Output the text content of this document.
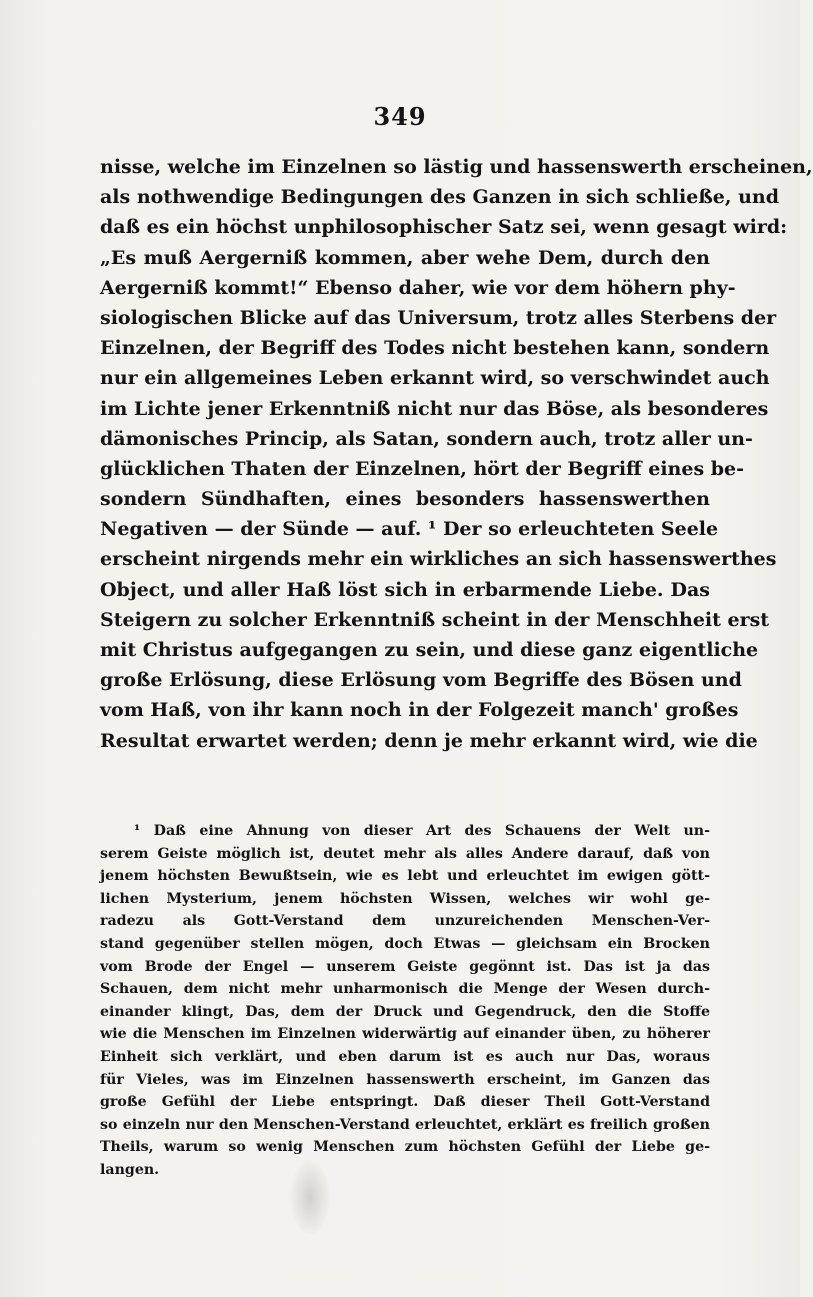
349
nisse, welche im Einzelnen so lästig und hassenswerth erscheinen,
als nothwendige Bedingungen des Ganzen in sich schließe, und
daß es ein höchst unphilosophischer Satz sei, wenn gesagt wird:
„Es muß Aergerniß kommen, aber wehe Dem, durch den
Aergerniß kommt!“ Ebenso daher, wie vor dem höhern phy-
siologischen Blicke auf das Universum, trotz alles Sterbens der
Einzelnen, der Begriff des Todes nicht bestehen kann, sondern
nur ein allgemeines Leben erkannt wird, so verschwindet auch
im Lichte jener Erkenntniß nicht nur das Böse, als besonderes
dämonisches Princip, als Satan, sondern auch, trotz aller un-
glücklichen Thaten der Einzelnen, hört der Begriff eines be-
sondern Sündhaften, eines besonders hassenswerthen
Negativen — der Sünde — auf. ¹ Der so erleuchteten Seele
erscheint nirgends mehr ein wirkliches an sich hassenswerthes
Object, und aller Haß löst sich in erbarmende Liebe. Das
Steigern zu solcher Erkenntniß scheint in der Menschheit erst
mit Christus aufgegangen zu sein, und diese ganz eigentliche
große Erlösung, diese Erlösung vom Begriffe des Bösen und
vom Haß, von ihr kann noch in der Folgezeit manch' großes
Resultat erwartet werden; denn je mehr erkannt wird, wie die
¹ Daß eine Ahnung von dieser Art des Schauens der Welt un-
serem Geiste möglich ist, deutet mehr als alles Andere darauf, daß von
jenem höchsten Bewußtsein, wie es lebt und erleuchtet im ewigen gött-
lichen Mysterium, jenem höchsten Wissen, welches wir wohl ge-
radezu als Gott-Verstand dem unzureichenden Menschen-Ver-
stand gegenüber stellen mögen, doch Etwas — gleichsam ein Brocken
vom Brode der Engel — unserem Geiste gegönnt ist. Das ist ja das
Schauen, dem nicht mehr unharmonisch die Menge der Wesen durch-
einander klingt, Das, dem der Druck und Gegendruck, den die Stoffe
wie die Menschen im Einzelnen widerwärtig auf einander üben, zu höherer
Einheit sich verklärt, und eben darum ist es auch nur Das, woraus
für Vieles, was im Einzelnen hassenswerth erscheint, im Ganzen das
große Gefühl der Liebe entspringt. Daß dieser Theil Gott-Verstand
so einzeln nur den Menschen-Verstand erleuchtet, erklärt es freilich großen
Theils, warum so wenig Menschen zum höchsten Gefühl der Liebe ge-
langen.
